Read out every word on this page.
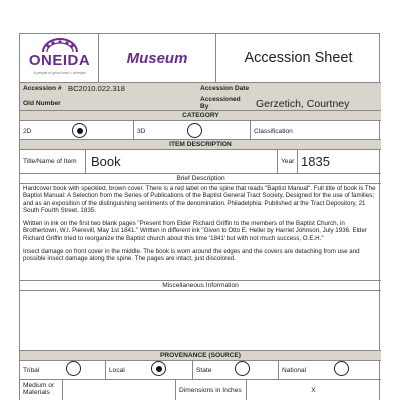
ONEIDA
A people of good heart • strength
Museum	Accession Sheet
Accession # BC2010.022.318	Accession Date
Old Number
Accessioned By	Gerzetich, Courtney
CATEGORY
2D	3D	Classification
ITEM DESCRIPTION
Title/Name of Item Book	Year 1835
Brief Description

Hardcover book with speckled, brown cover. There is a red label on the spine that reads "Baptist Manual". Full title of book is The Baptist Manual: A Selection from the Series of Publications of the Baptist General Tract Society, Designed for the use of families; and as an exposition of the distinguishing sentiments of the denomination. Philadelphia: Published at the Tract Depository, 21 South Fourth Street. 1835.

Written in ink on the first two blank pages "Present from Elder Richard Griffin to the members of the Baptist Church, in Brothertown, W.I. Pierevill, May 1st 1841." Written in different ink "Given to Otto E. Heller by Harriet Johnson, July 1936. Elder Richard Griffin tried to reorganize the Baptist church about this time '1841' but with not much success, O.E.H."

Insect damage on front cover in the middle. The book is worn around the edges and the covers are detaching from use and possible insect damage along the spine. The pages are intact, just discolored.

Miscellaneous Information
PROVENANCE (SOURCE)
Tribal	Local	State	National
Medium or Materials	Dimensions in Inches	X
